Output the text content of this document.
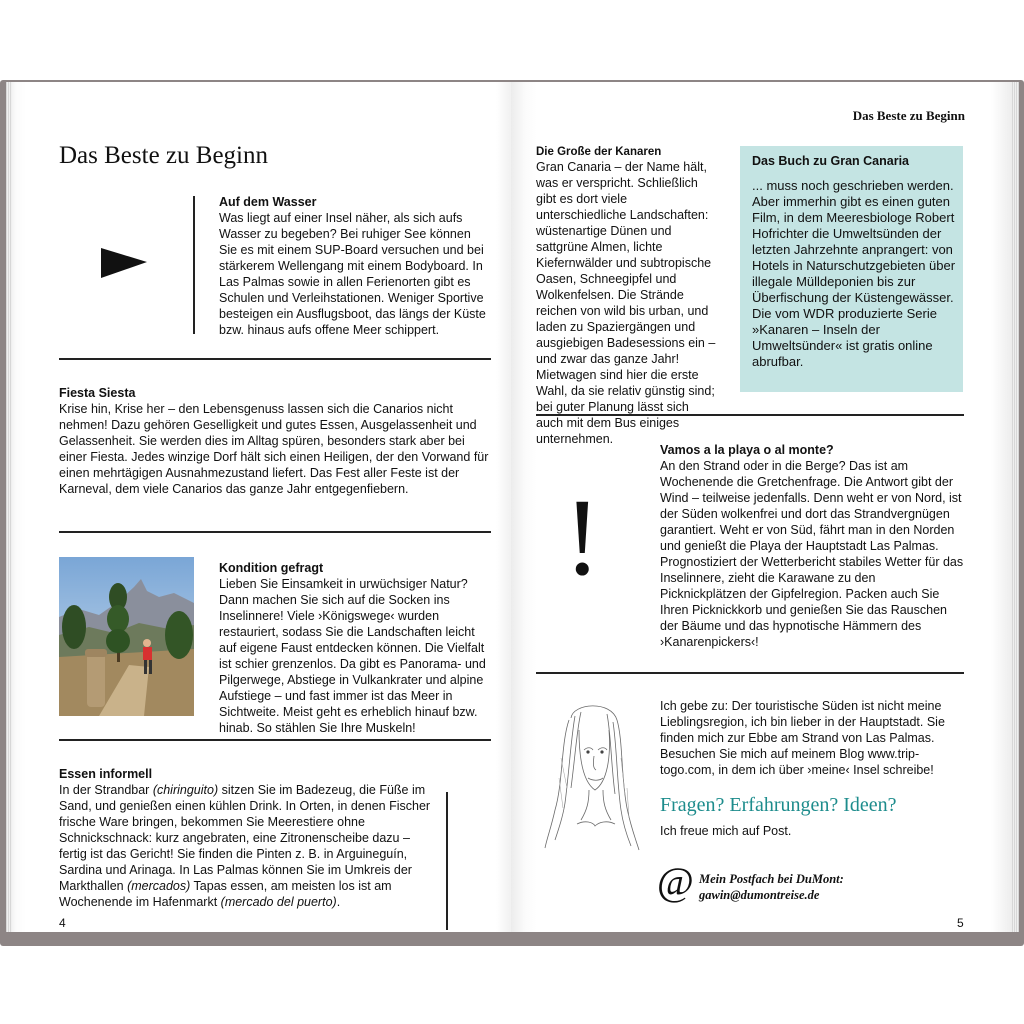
Das Beste zu Beginn
Auf dem Wasser
Was liegt auf einer Insel näher, als sich aufs Wasser zu begeben? Bei ruhiger See können Sie es mit einem SUP-Board versuchen und bei stärkerem Wellengang mit einem Bodyboard. In Las Palmas sowie in allen Ferienorten gibt es Schulen und Verleihstationen. Weniger Sportive besteigen ein Ausflugsboot, das längs der Küste bzw. hinaus aufs offene Meer schippert.
Fiesta Siesta
Krise hin, Krise her – den Lebensgenuss lassen sich die Canarios nicht nehmen! Dazu gehören Geselligkeit und gutes Essen, Ausgelassenheit und Gelassenheit. Sie werden dies im Alltag spüren, besonders stark aber bei einer Fiesta. Jedes winzige Dorf hält sich einen Heiligen, der den Vorwand für einen mehrtägigen Ausnahmezustand liefert. Das Fest aller Feste ist der Karneval, dem viele Canarios das ganze Jahr entgegenfiebern.
Kondition gefragt
Lieben Sie Einsamkeit in urwüchsiger Natur? Dann machen Sie sich auf die Socken ins Inselinnere! Viele ›Königswege‹ wurden restauriert, sodass Sie die Landschaften leicht auf eigene Faust entdecken können. Die Vielfalt ist schier grenzenlos. Da gibt es Panorama- und Pilgerwege, Abstiege in Vulkankrater und alpine Aufstiege – und fast immer ist das Meer in Sichtweite. Meist geht es erheblich hinauf bzw. hinab. So stählen Sie Ihre Muskeln!
Essen informell
In der Strandbar (chiringuito) sitzen Sie im Badezeug, die Füße im Sand, und genießen einen kühlen Drink. In Orten, in denen Fischer frische Ware bringen, bekommen Sie Meerestiere ohne Schnickschnack: kurz angebraten, eine Zitronenscheibe dazu – fertig ist das Gericht! Sie finden die Pinten z. B. in Arguineguín, Sardina und Arinaga. In Las Palmas können Sie im Umkreis der Markthallen (mercados) Tapas essen, am meisten los ist am Wochenende im Hafenmarkt (mercado del puerto).
4
Das Beste zu Beginn
Die Große der Kanaren
Gran Canaria – der Name hält, was er verspricht. Schließlich gibt es dort viele unterschiedliche Landschaften: wüstenartige Dünen und sattgrüne Almen, lichte Kiefernwälder und subtropische Oasen, Schneegipfel und Wolkenfelsen. Die Strände reichen von wild bis urban, und laden zu Spaziergängen und ausgiebigen Badesessions ein – und zwar das ganze Jahr! Mietwagen sind hier die erste Wahl, da sie relativ günstig sind; bei guter Planung lässt sich auch mit dem Bus einiges unternehmen.
Das Buch zu Gran Canaria
... muss noch geschrieben werden. Aber immerhin gibt es einen guten Film, in dem Meeresbiologe Robert Hofrichter die Umweltsünden der letzten Jahrzehnte anprangert: von Hotels in Naturschutzgebieten über illegale Mülldeponien bis zur Überfischung der Küstengewässer. Die vom WDR produzierte Serie »Kanaren – Inseln der Umweltsünder« ist gratis online abrufbar.
!
Vamos a la playa o al monte?
An den Strand oder in die Berge? Das ist am Wochenende die Gretchenfrage. Die Antwort gibt der Wind – teilweise jedenfalls. Denn weht er von Nord, ist der Süden wolkenfrei und dort das Strandvergnügen garantiert. Weht er von Süd, fährt man in den Norden und genießt die Playa der Hauptstadt Las Palmas. Prognostiziert der Wetterbericht stabiles Wetter für das Inselinnere, zieht die Karawane zu den Picknickplätzen der Gipfelregion. Packen auch Sie Ihren Picknickkorb und genießen Sie das Rauschen der Bäume und das hypnotische Hämmern des ›Kanarenpickers‹!
Ich gebe zu: Der touristische Süden ist nicht meine Lieblingsregion, ich bin lieber in der Hauptstadt. Sie finden mich zur Ebbe am Strand von Las Palmas. Besuchen Sie mich auf meinem Blog www.trip-togo.com, in dem ich über ›meine‹ Insel schreibe!
Fragen? Erfahrungen? Ideen?
Ich freue mich auf Post.
@ Mein Postfach bei DuMont:
gawin@dumontreise.de
5
